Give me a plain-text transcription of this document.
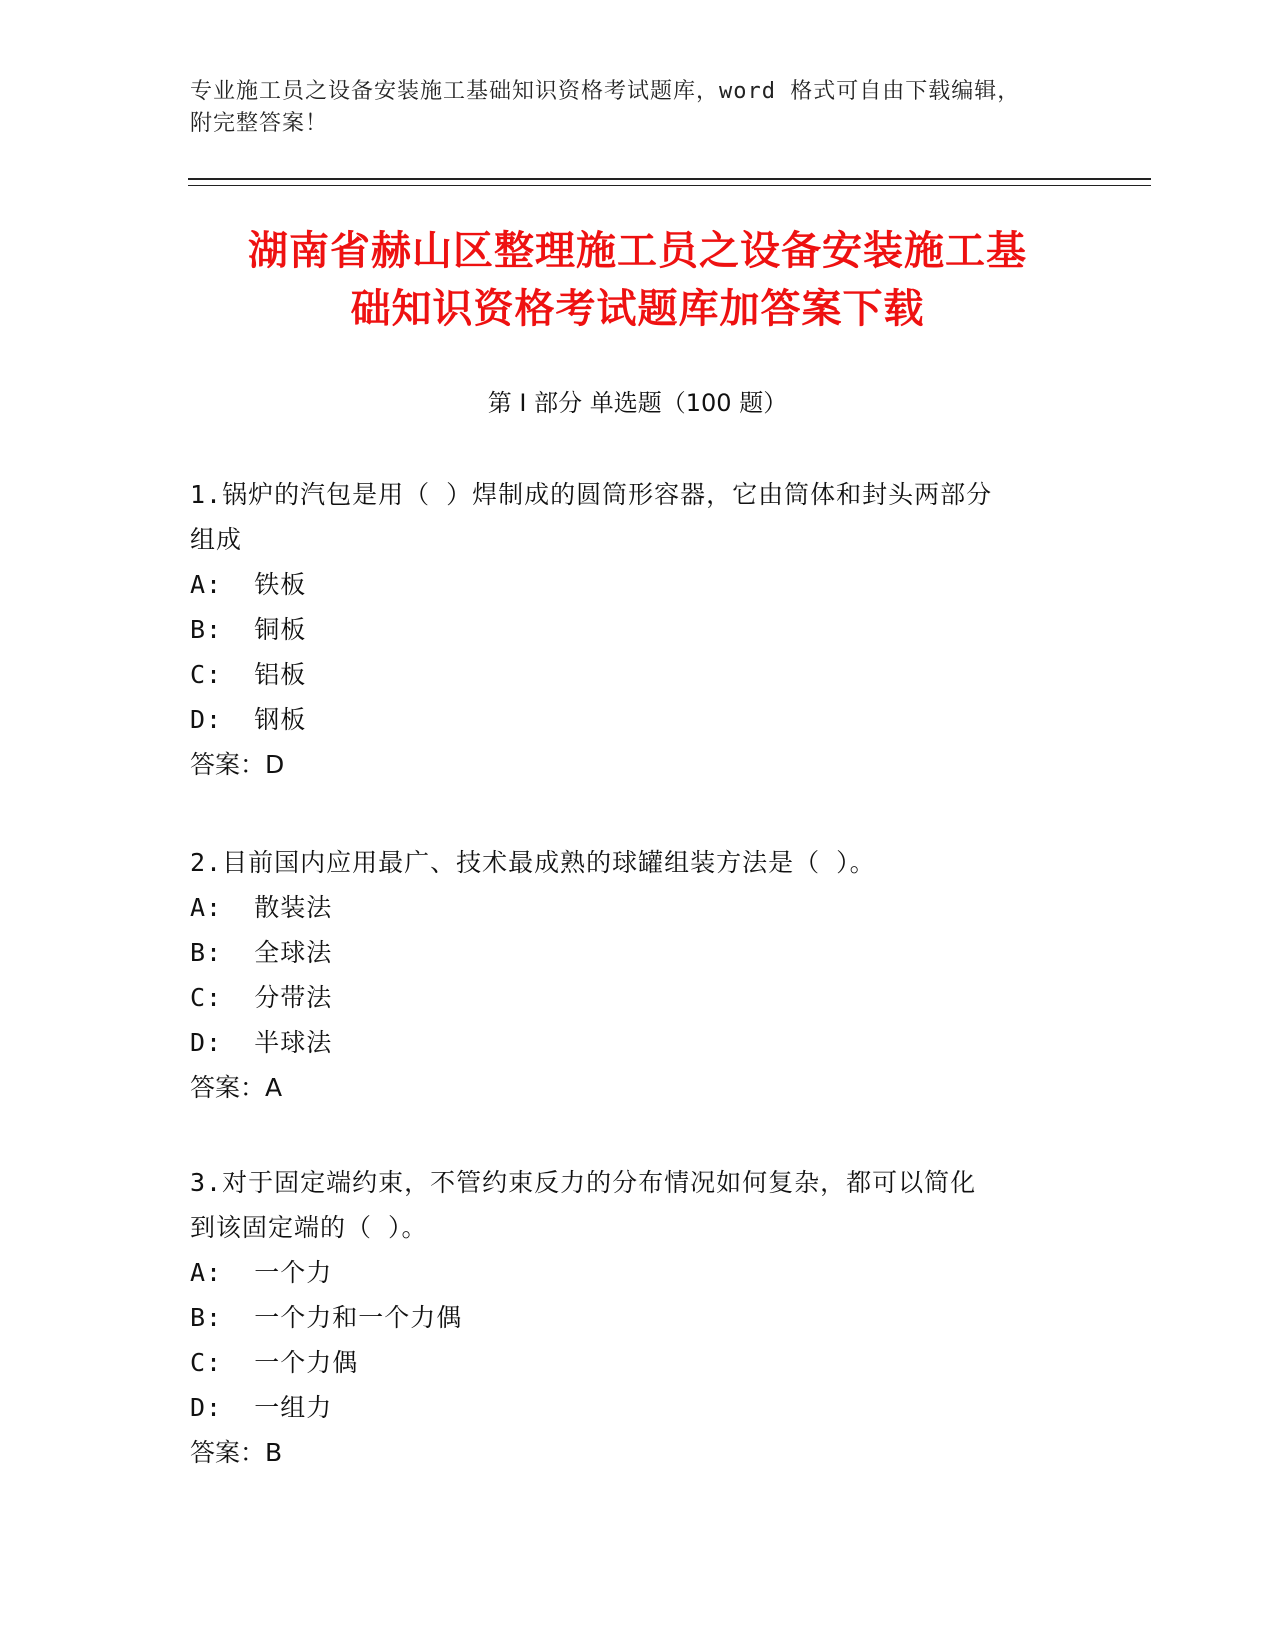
专业施工员之设备安装施工基础知识资格考试题库，word 格式可自由下载编辑，
附完整答案！
湖南省赫山区整理施工员之设备安装施工基
础知识资格考试题库加答案下载
第 I 部分 单选题（100 题）

1.锅炉的汽包是用（ ）焊制成的圆筒形容器，它由筒体和封头两部分

组成

A:  铁板

B:  铜板

C:  铝板

D:  钢板

答案：D

2.目前国内应用最广、技术最成熟的球罐组装方法是（ ）。

A:  散装法

B:  全球法

C:  分带法

D:  半球法

答案：A

3.对于固定端约束，不管约束反力的分布情况如何复杂，都可以简化

到该固定端的（ ）。

A:  一个力

B:  一个力和一个力偶

C:  一个力偶

D:  一组力

答案：B
